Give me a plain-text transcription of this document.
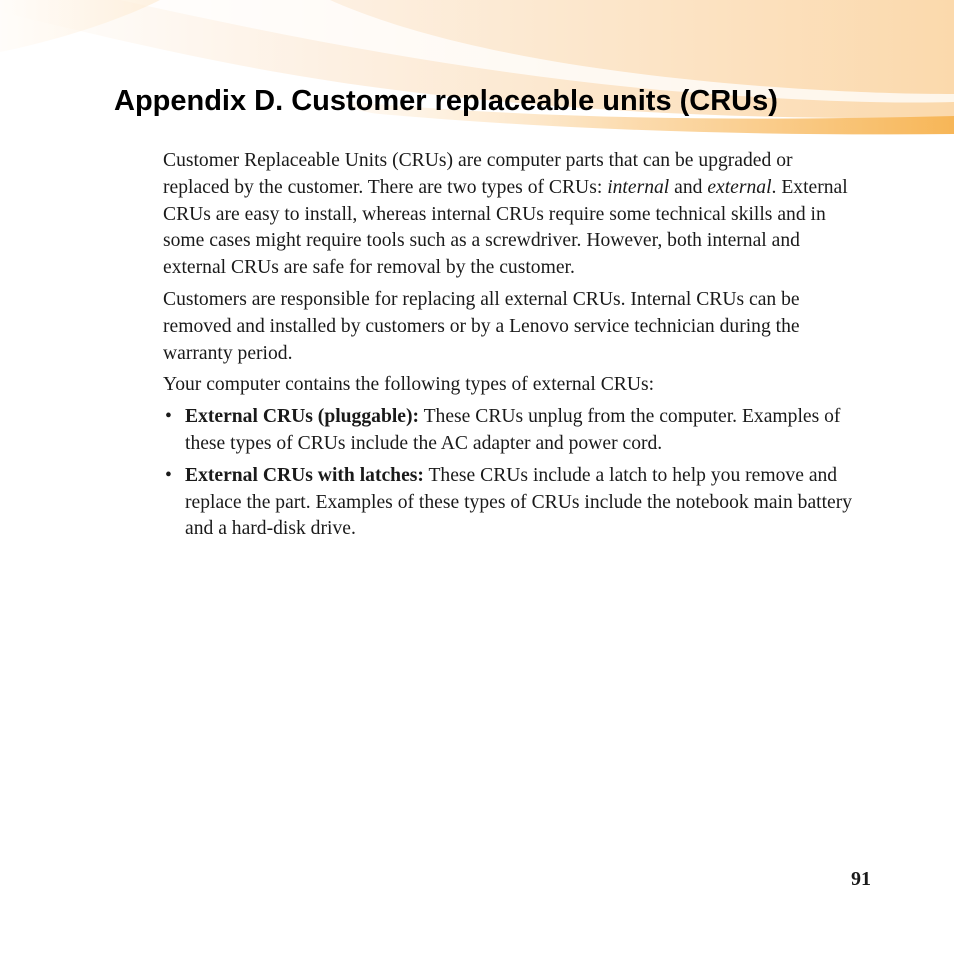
Appendix D. Customer replaceable units (CRUs)

Customer Replaceable Units (CRUs) are computer parts that can be upgraded or replaced by the customer. There are two types of CRUs: internal and external. External CRUs are easy to install, whereas internal CRUs require some technical skills and in some cases might require tools such as a screwdriver. However, both internal and external CRUs are safe for removal by the customer.

Customers are responsible for replacing all external CRUs. Internal CRUs can be removed and installed by customers or by a Lenovo service technician during the warranty period.

Your computer contains the following types of external CRUs:

• External CRUs (pluggable): These CRUs unplug from the computer. Examples of these types of CRUs include the AC adapter and power cord.
• External CRUs with latches: These CRUs include a latch to help you remove and replace the part. Examples of these types of CRUs include the notebook main battery and a hard-disk drive.
91
